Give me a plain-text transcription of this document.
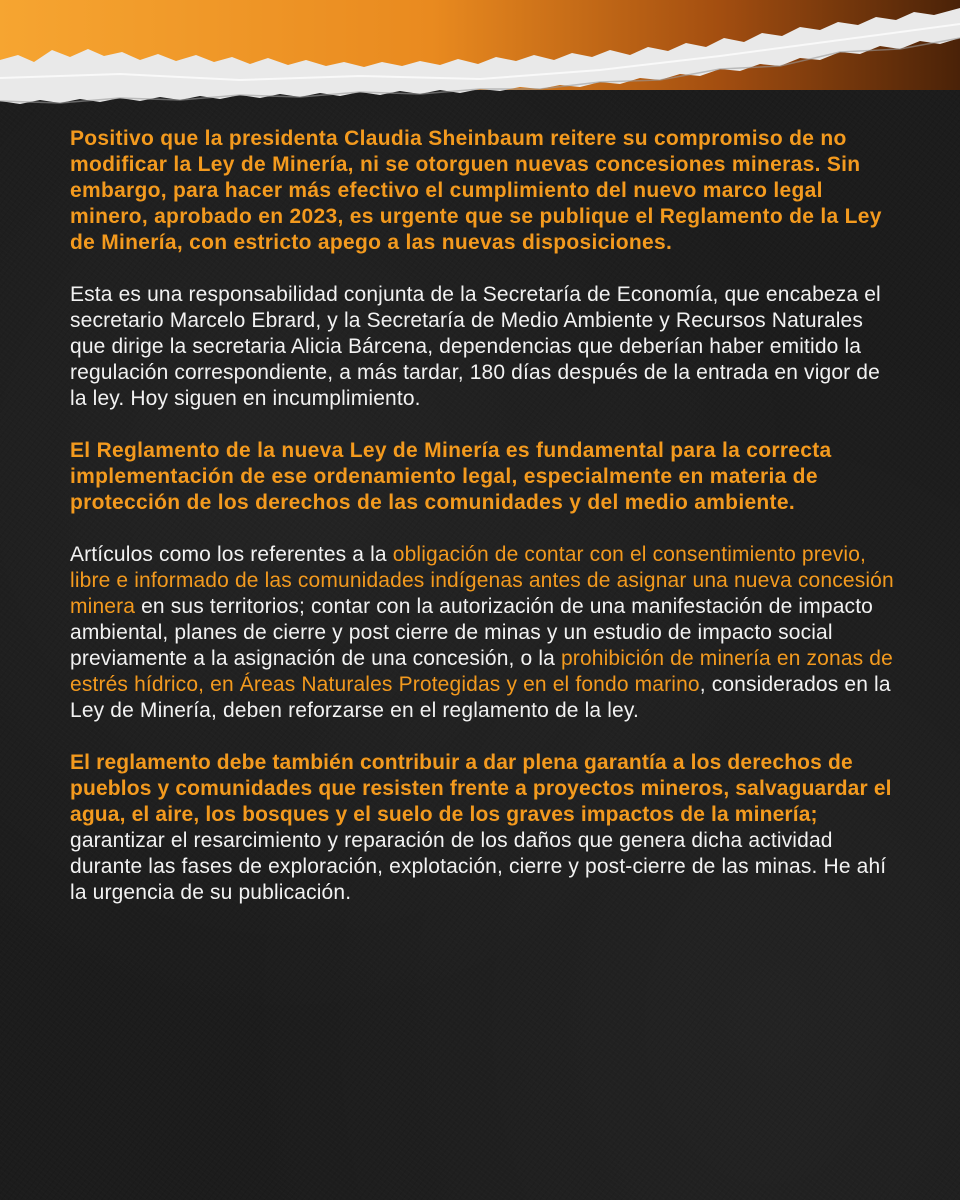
Positivo que la presidenta Claudia Sheinbaum reitere su compromiso de no modificar la Ley de Minería, ni se otorguen nuevas concesiones mineras. Sin embargo, para hacer más efectivo el cumplimiento del nuevo marco legal minero, aprobado en 2023, es urgente que se publique el Reglamento de la Ley de Minería, con estricto apego a las nuevas disposiciones.

Esta es una responsabilidad conjunta de la Secretaría de Economía, que encabeza el secretario Marcelo Ebrard, y la Secretaría de Medio Ambiente y Recursos Naturales que dirige la secretaria Alicia Bárcena, dependencias que deberían haber emitido la regulación correspondiente, a más tardar, 180 días después de la entrada en vigor de la ley. Hoy siguen en incumplimiento.

El Reglamento de la nueva Ley de Minería es fundamental para la correcta implementación de ese ordenamiento legal, especialmente en materia de protección de los derechos de las comunidades y del medio ambiente.

Artículos como los referentes a la obligación de contar con el consentimiento previo, libre e informado de las comunidades indígenas antes de asignar una nueva concesión minera en sus territorios; contar con la autorización de una manifestación de impacto ambiental, planes de cierre y post cierre de minas y un estudio de impacto social previamente a la asignación de una concesión, o la prohibición de minería en zonas de estrés hídrico, en Áreas Naturales Protegidas y en el fondo marino, considerados en la Ley de Minería, deben reforzarse en el reglamento de la ley.

El reglamento debe también contribuir a dar plena garantía a los derechos de pueblos y comunidades que resisten frente a proyectos mineros, salvaguardar el agua, el aire, los bosques y el suelo de los graves impactos de la minería; garantizar el resarcimiento y reparación de los daños que genera dicha actividad durante las fases de exploración, explotación, cierre y post-cierre de las minas. He ahí la urgencia de su publicación.
